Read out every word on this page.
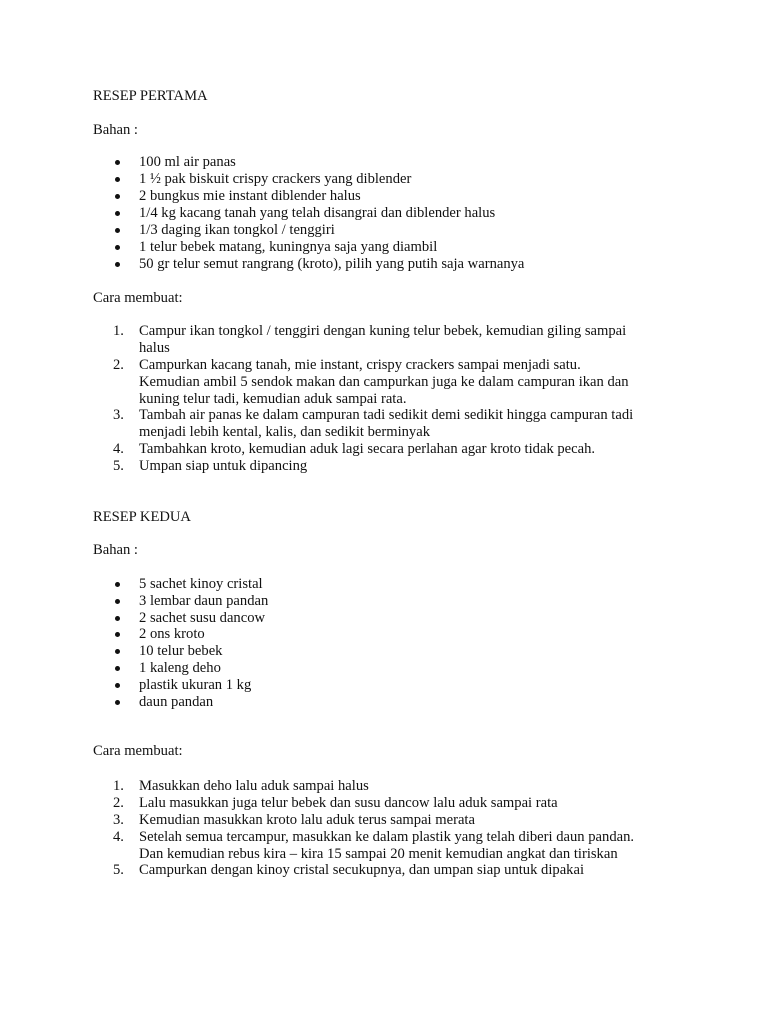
RESEP PERTAMA
Bahan :
100 ml air panas
1 ½ pak biskuit crispy crackers yang diblender
2 bungkus mie instant diblender halus
1/4 kg kacang tanah yang telah disangrai dan diblender halus
1/3 daging ikan tongkol / tenggiri
1 telur bebek matang, kuningnya saja yang diambil
50 gr telur semut rangrang (kroto), pilih yang putih saja warnanya
Cara membuat:
1. Campur ikan tongkol / tenggiri dengan kuning telur bebek, kemudian giling sampai
halus
2. Campurkan kacang tanah, mie instant, crispy crackers sampai menjadi satu.
Kemudian ambil 5 sendok makan dan campurkan juga ke dalam campuran ikan dan
kuning telur tadi, kemudian aduk sampai rata.
3. Tambah air panas ke dalam campuran tadi sedikit demi sedikit hingga campuran tadi
menjadi lebih kental, kalis, dan sedikit berminyak
4. Tambahkan kroto, kemudian aduk lagi secara perlahan agar kroto tidak pecah.
5. Umpan siap untuk dipancing
RESEP KEDUA
Bahan :
5 sachet kinoy cristal
3 lembar daun pandan
2 sachet susu dancow
2 ons kroto
10 telur bebek
1 kaleng deho
plastik ukuran 1 kg
daun pandan
Cara membuat:
1. Masukkan deho lalu aduk sampai halus
2. Lalu masukkan juga telur bebek dan susu dancow lalu aduk sampai rata
3. Kemudian masukkan kroto lalu aduk terus sampai merata
4. Setelah semua tercampur, masukkan ke dalam plastik yang telah diberi daun pandan.
Dan kemudian rebus kira – kira 15 sampai 20 menit kemudian angkat dan tiriskan
5. Campurkan dengan kinoy cristal secukupnya, dan umpan siap untuk dipakai
